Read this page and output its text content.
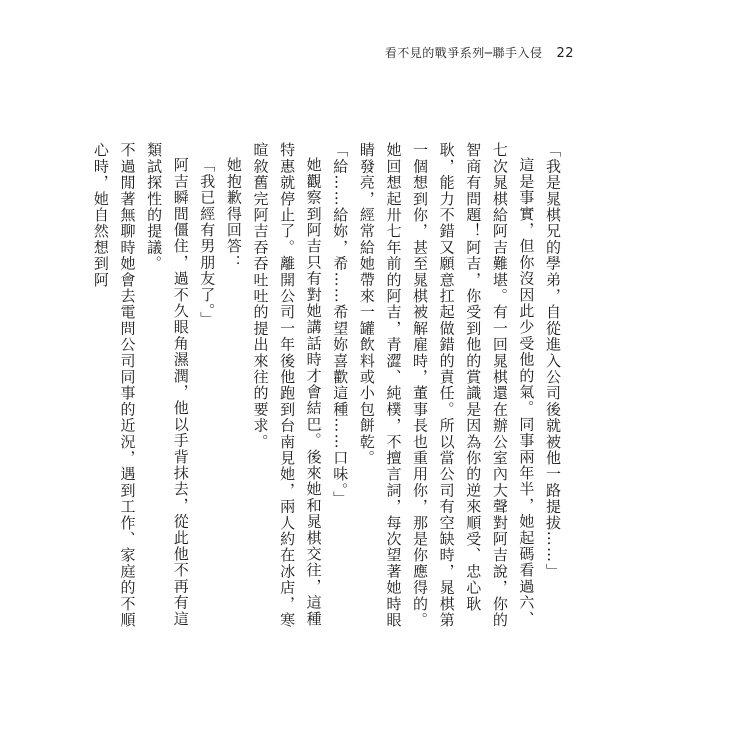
看不見的戰爭系列─聯手入侵 22

「我是晁棋兄的學弟，自從進入公司後就被他一路提拔……」

這是事實，但你沒因此少受他的氣。同事兩年半，她起碼看過六、七次晁棋給阿吉難堪。有一回晁棋還在辦公室內大聲對阿吉說，你的智商有問題！阿吉，你受到他的賞識是因為你的逆來順受、忠心耿耿，能力不錯又願意扛起做錯的責任。所以當公司有空缺時，晁棋第一個想到你，甚至晁棋被解雇時，董事長也重用你，那是你應得的。她回想起卅七年前的阿吉，青澀、純樸，不擅言詞，每次望著她時眼睛發亮，經常給她帶來一罐飲料或小包餅乾。

「給……給妳，希……希望妳喜歡這種……口味。」

她觀察到阿吉只有對她講話時才會結巴。後來她和晁棋交往，這種特惠就停止了。離開公司一年後他跑到台南見她，兩人約在冰店，寒暄敘舊完阿吉吞吞吐吐的提出來往的要求。

她抱歉得回答：

「我已經有男朋友了。」

阿吉瞬間僵住，過不久眼角濕潤，他以手背抹去，從此他不再有這類試探性的提議。

不過閒著無聊時她會去電問公司同事的近況，遇到工作、家庭的不順心時，她自然想到阿
